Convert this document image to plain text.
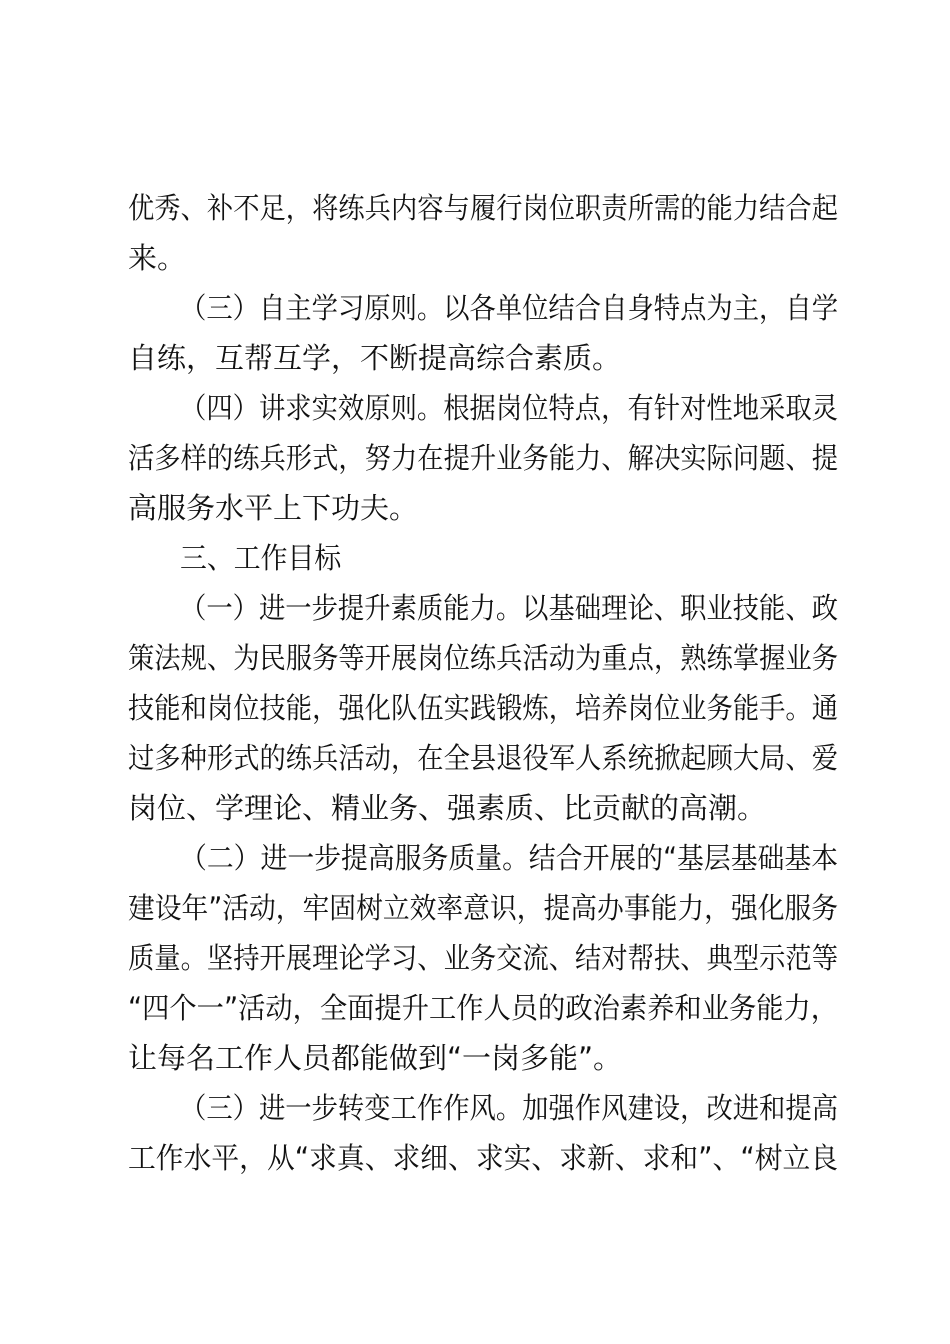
优秀、补不足，将练兵内容与履行岗位职责所需的能力结合起
来。
（三）自主学习原则。以各单位结合自身特点为主，自学
自练，互帮互学，不断提高综合素质。
（四）讲求实效原则。根据岗位特点，有针对性地采取灵
活多样的练兵形式，努力在提升业务能力、解决实际问题、提
高服务水平上下功夫。
三、工作目标
（一）进一步提升素质能力。以基础理论、职业技能、政
策法规、为民服务等开展岗位练兵活动为重点，熟练掌握业务
技能和岗位技能，强化队伍实践锻炼，培养岗位业务能手。通
过多种形式的练兵活动，在全县退役军人系统掀起顾大局、爱
岗位、学理论、精业务、强素质、比贡献的高潮。
（二）进一步提高服务质量。结合开展的“基层基础基本
建设年”活动，牢固树立效率意识，提高办事能力，强化服务
质量。坚持开展理论学习、业务交流、结对帮扶、典型示范等
“四个一”活动，全面提升工作人员的政治素养和业务能力，
让每名工作人员都能做到“一岗多能”。
（三）进一步转变工作作风。加强作风建设，改进和提高
工作水平，从“求真、求细、求实、求新、求和”、“树立良
